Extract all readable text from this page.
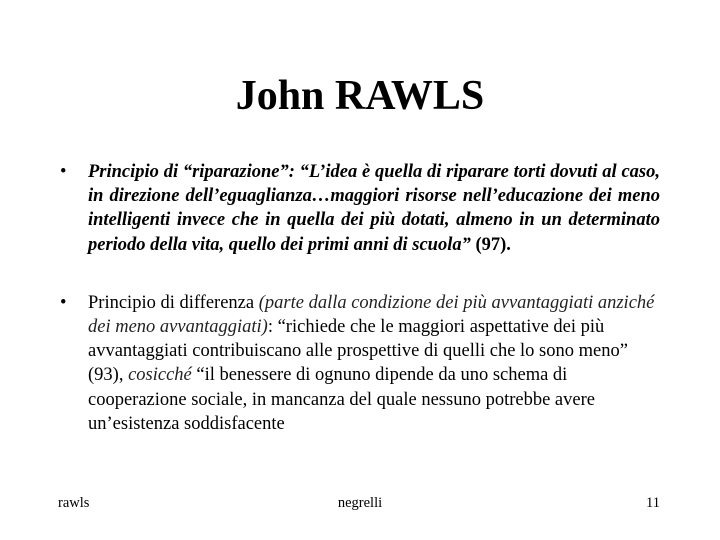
John RAWLS
•	Principio di “riparazione”: “L’idea è quella di riparare torti dovuti al caso, in direzione dell’eguaglianza…maggiori risorse nell’educazione dei meno intelligenti invece che in quella dei più dotati, almeno in un determinato periodo della vita, quello dei primi anni di scuola” (97).
•	Principio di differenza (parte dalla condizione dei più avvantaggiati anziché dei meno avvantaggiati): “richiede che le maggiori aspettative dei più avvantaggiati contribuiscano alle prospettive di quelli che lo sono meno” (93), cosicché “il benessere di ognuno dipende da uno schema di cooperazione sociale, in mancanza del quale nessuno potrebbe avere un’esistenza soddisfacente
rawls	negrelli	11
